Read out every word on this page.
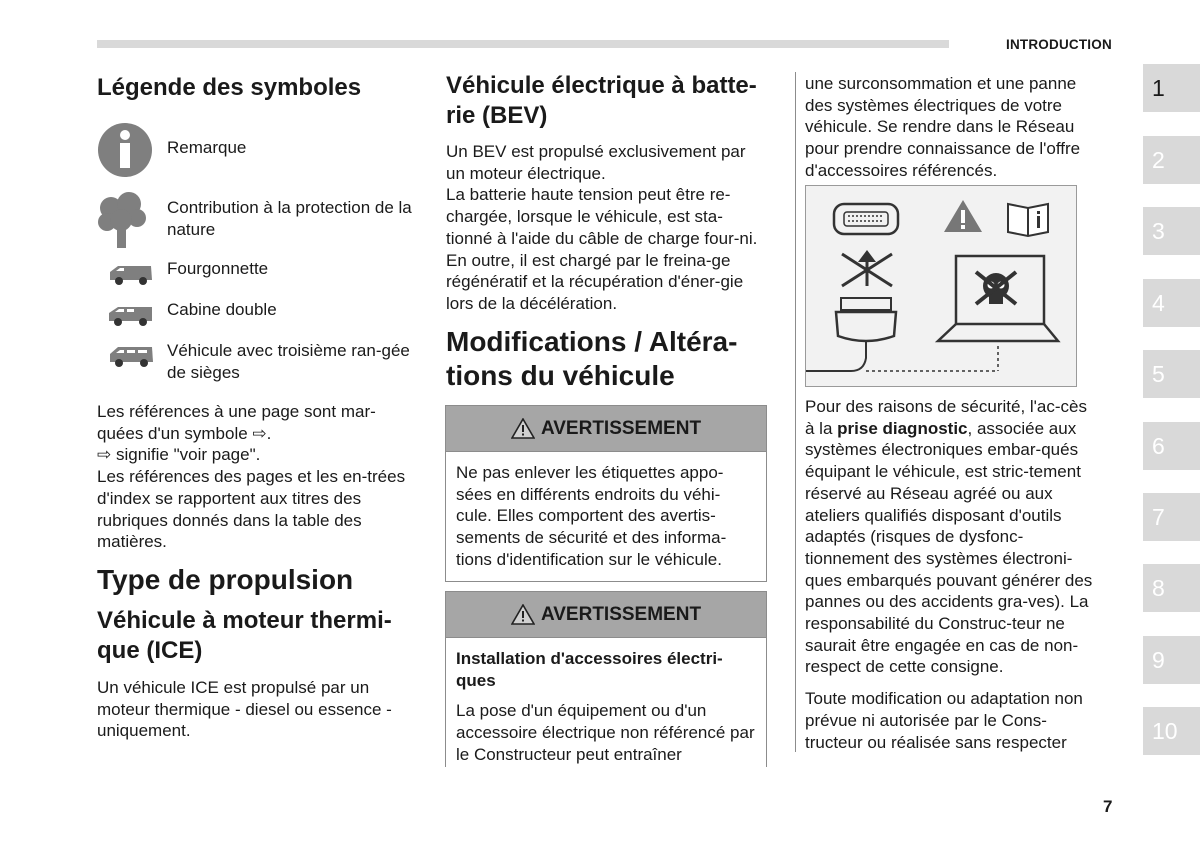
INTRODUCTION
Légende des symboles
Remarque
Contribution à la protection de la nature
Fourgonnette
Cabine double
Véhicule avec troisième ran-gée de sièges

Les références à une page sont mar-quées d'un symbole ⇨.

⇨ signifie "voir page".

Les références des pages et les en-trées d'index se rapportent aux titres des rubriques donnés dans la table des matières.

Type de propulsion
Véhicule à moteur thermi-que (ICE)

Un véhicule ICE est propulsé par un moteur thermique - diesel ou essence - uniquement.

Véhicule électrique à batte-rie (BEV)

Un BEV est propulsé exclusivement par un moteur électrique.

La batterie haute tension peut être re-chargée, lorsque le véhicule, est sta-tionné à l'aide du câble de charge four-ni. En outre, il est chargé par le freina-ge régénératif et la récupération d'éner-gie lors de la décélération.

Modifications / Altéra-tions du véhicule
AVERTISSEMENT

Ne pas enlever les étiquettes appo-sées en différents endroits du véhi-cule. Elles comportent des avertis-sements de sécurité et des informa-tions d'identification sur le véhicule.

AVERTISSEMENT

Installation d'accessoires électri-ques

La pose d'un équipement ou d'un accessoire électrique non référencé par le Constructeur peut entraîner

une surconsommation et une panne des systèmes électriques de votre véhicule. Se rendre dans le Réseau pour prendre connaissance de l'offre d'accessoires référencés.

Pour des raisons de sécurité, l'ac-cès à la prise diagnostic, associée aux systèmes électroniques embar-qués équipant le véhicule, est stric-tement réservé au Réseau agréé ou aux ateliers qualifiés disposant d'outils adaptés (risques de dysfonc-tionnement des systèmes électroni-ques embarqués pouvant générer des pannes ou des accidents gra-ves). La responsabilité du Construc-teur ne saurait être engagée en cas de non-respect de cette consigne.

Toute modification ou adaptation non prévue ni autorisée par le Cons-tructeur ou réalisée sans respecter

1
2
3
4
5
6
7
8
9
10
7
